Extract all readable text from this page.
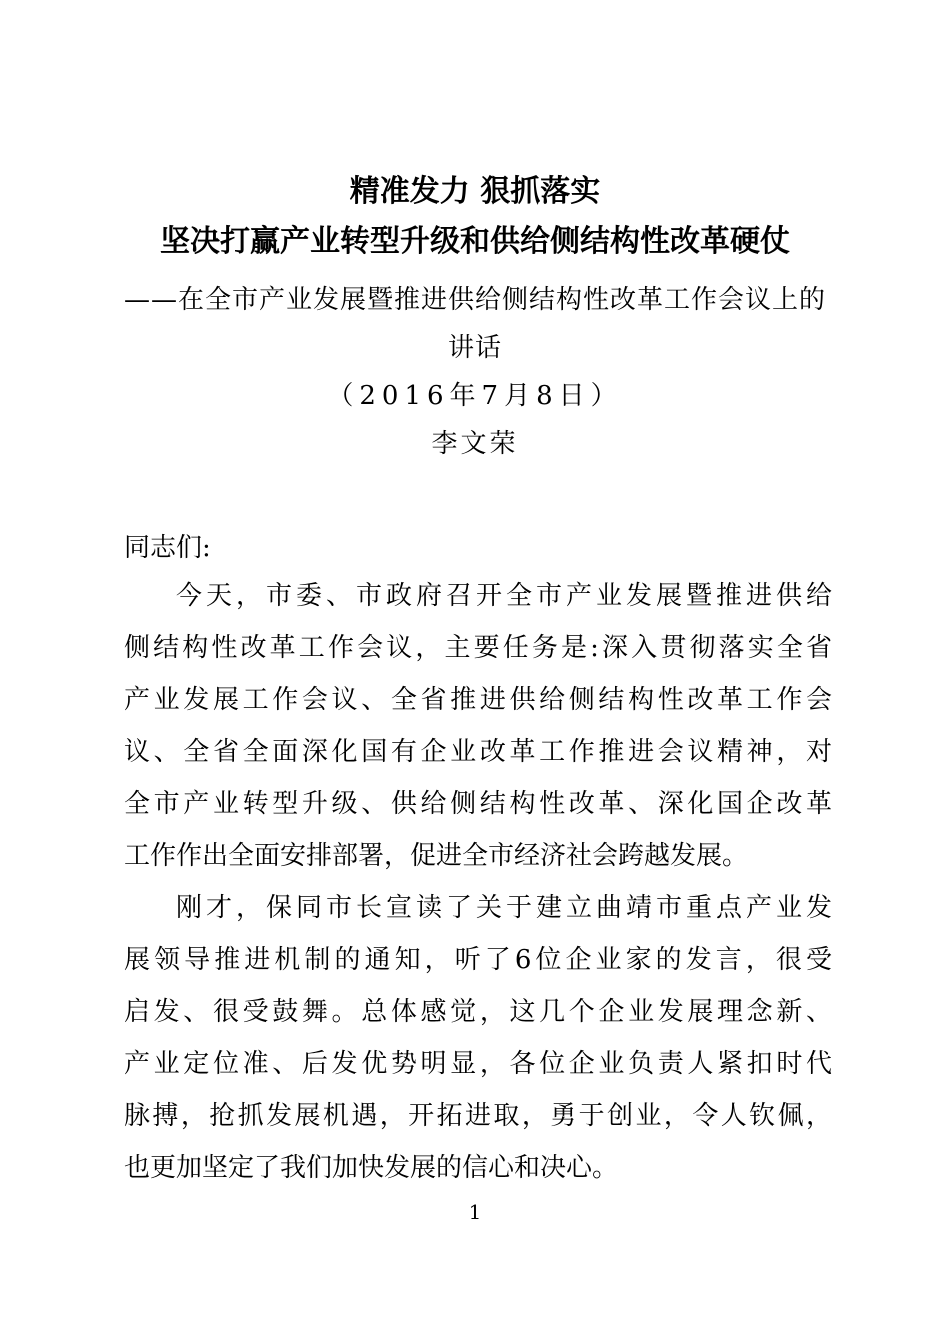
精准发力 狠抓落实
坚决打赢产业转型升级和供给侧结构性改革硬仗
——在全市产业发展暨推进供给侧结构性改革工作会议上的
讲话
（2016年7月8日）
李文荣
同志们:
今天，市委、市政府召开全市产业发展暨推进供给
侧结构性改革工作会议，主要任务是:深入贯彻落实全省
产业发展工作会议、全省推进供给侧结构性改革工作会
议、全省全面深化国有企业改革工作推进会议精神，对
全市产业转型升级、供给侧结构性改革、深化国企改革
工作作出全面安排部署，促进全市经济社会跨越发展。
刚才，保同市长宣读了关于建立曲靖市重点产业发
展领导推进机制的通知，听了6位企业家的发言，很受
启发、很受鼓舞。总体感觉，这几个企业发展理念新、
产业定位准、后发优势明显，各位企业负责人紧扣时代
脉搏，抢抓发展机遇，开拓进取，勇于创业，令人钦佩，
也更加坚定了我们加快发展的信心和决心。
1
